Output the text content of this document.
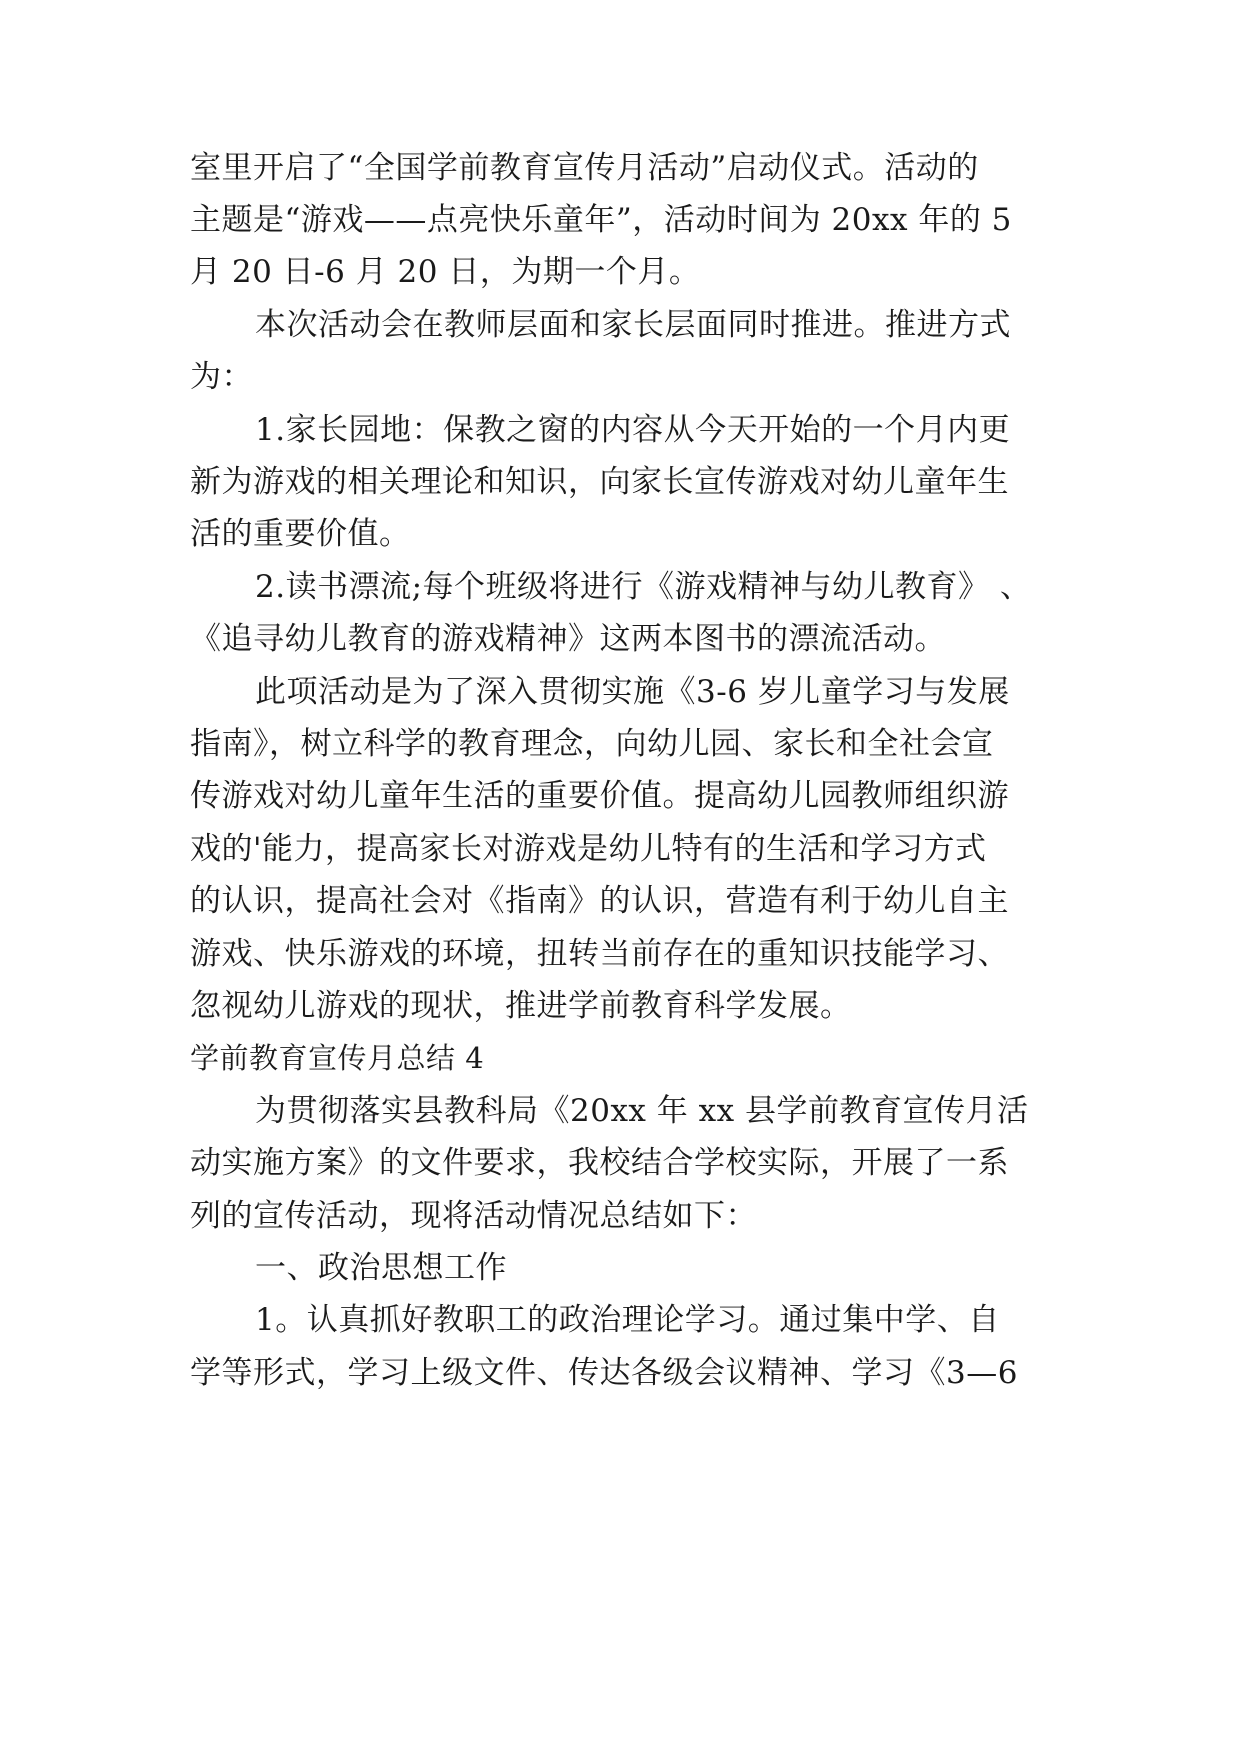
室里开启了“全国学前教育宣传月活动”启动仪式。活动的
主题是“游戏——点亮快乐童年”，活动时间为 20xx 年的 5
月 20 日-6 月 20 日，为期一个月。
本次活动会在教师层面和家长层面同时推进。推进方式
为：
1.家长园地：保教之窗的内容从今天开始的一个月内更
新为游戏的相关理论和知识，向家长宣传游戏对幼儿童年生
活的重要价值。
2.读书漂流;每个班级将进行《游戏精神与幼儿教育》 、
《追寻幼儿教育的游戏精神》这两本图书的漂流活动。
此项活动是为了深入贯彻实施《3-6 岁儿童学习与发展
指南》，树立科学的教育理念，向幼儿园、家长和全社会宣
传游戏对幼儿童年生活的重要价值。提高幼儿园教师组织游
戏的'能力，提高家长对游戏是幼儿特有的生活和学习方式
的认识，提高社会对《指南》的认识，营造有利于幼儿自主
游戏、快乐游戏的环境，扭转当前存在的重知识技能学习、
忽视幼儿游戏的现状，推进学前教育科学发展。
学前教育宣传月总结 4
为贯彻落实县教科局《20xx 年 xx 县学前教育宣传月活
动实施方案》的文件要求，我校结合学校实际，开展了一系
列的宣传活动，现将活动情况总结如下：
一、政治思想工作
1。认真抓好教职工的政治理论学习。通过集中学、自
学等形式，学习上级文件、传达各级会议精神、学习《3—6
